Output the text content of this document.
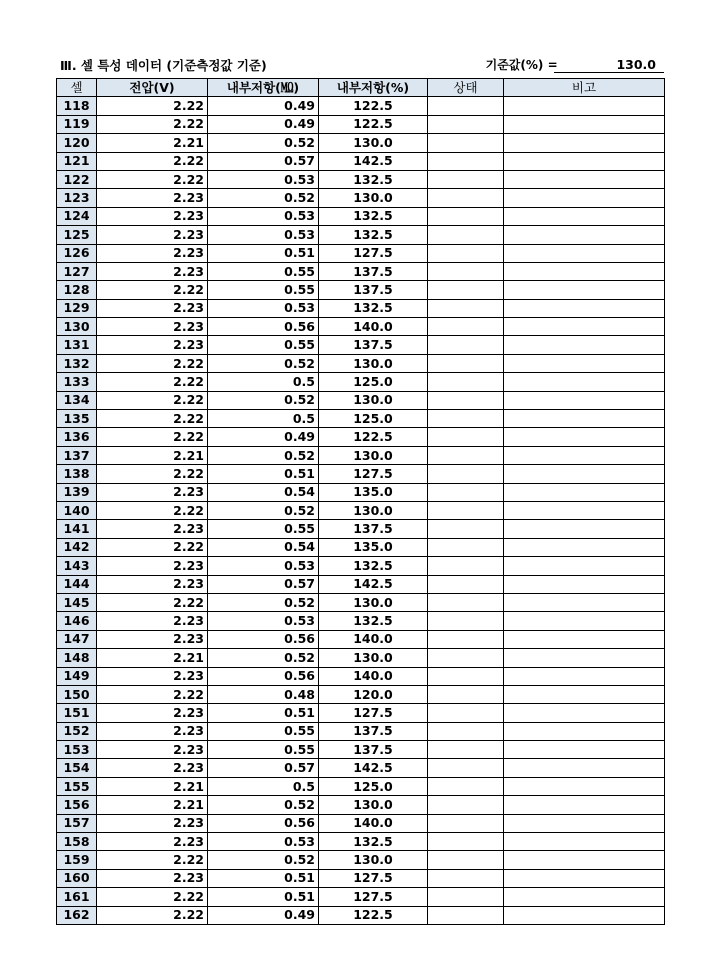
Ⅲ. 셀 특성 데이터 (기준측정값 기준)	기준값(%) =	130.0
셀	전압(V)	내부저항(㏁)	내부저항(%)	상태	비고
118	2.22	0.49	122.5		
119	2.22	0.49	122.5		
120	2.21	0.52	130.0		
121	2.22	0.57	142.5		
122	2.22	0.53	132.5		
123	2.23	0.52	130.0		
124	2.23	0.53	132.5		
125	2.23	0.53	132.5		
126	2.23	0.51	127.5		
127	2.23	0.55	137.5		
128	2.22	0.55	137.5		
129	2.23	0.53	132.5		
130	2.23	0.56	140.0		
131	2.23	0.55	137.5		
132	2.22	0.52	130.0		
133	2.22	0.5	125.0		
134	2.22	0.52	130.0		
135	2.22	0.5	125.0		
136	2.22	0.49	122.5		
137	2.21	0.52	130.0		
138	2.22	0.51	127.5		
139	2.23	0.54	135.0		
140	2.22	0.52	130.0		
141	2.23	0.55	137.5		
142	2.22	0.54	135.0		
143	2.23	0.53	132.5		
144	2.23	0.57	142.5		
145	2.22	0.52	130.0		
146	2.23	0.53	132.5		
147	2.23	0.56	140.0		
148	2.21	0.52	130.0		
149	2.23	0.56	140.0		
150	2.22	0.48	120.0		
151	2.23	0.51	127.5		
152	2.23	0.55	137.5		
153	2.23	0.55	137.5		
154	2.23	0.57	142.5		
155	2.21	0.5	125.0		
156	2.21	0.52	130.0		
157	2.23	0.56	140.0		
158	2.23	0.53	132.5		
159	2.22	0.52	130.0		
160	2.23	0.51	127.5		
161	2.22	0.51	127.5		
162	2.22	0.49	122.5		
